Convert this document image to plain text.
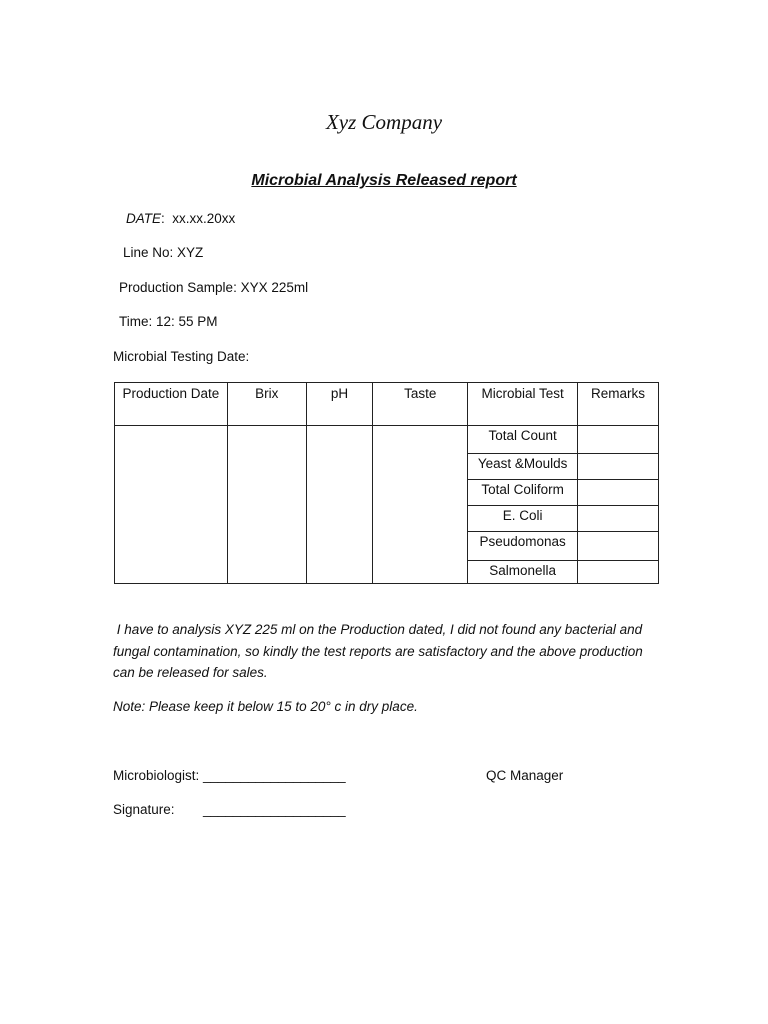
Xyz Company
Microbial Analysis Released report
DATE:  xx.xx.20xx
Line No: XYZ
Production Sample: XYX 225ml
Time: 12: 55 PM
Microbial Testing Date:
Production Date	Brix	pH	Taste	Microbial Test	Remarks
				Total Count	
				Yeast &Moulds	
				Total Coliform	
				E. Coli	
				Pseudomonas	
				Salmonella	
I have to analysis XYZ 225 ml on the Production dated, I did not found any bacterial and fungal contamination, so kindly the test reports are satisfactory and the above production can be released for sales.
Note: Please keep it below 15 to 20° c in dry place.
Microbiologist: ___________________	QC Manager
Signature: ___________________
